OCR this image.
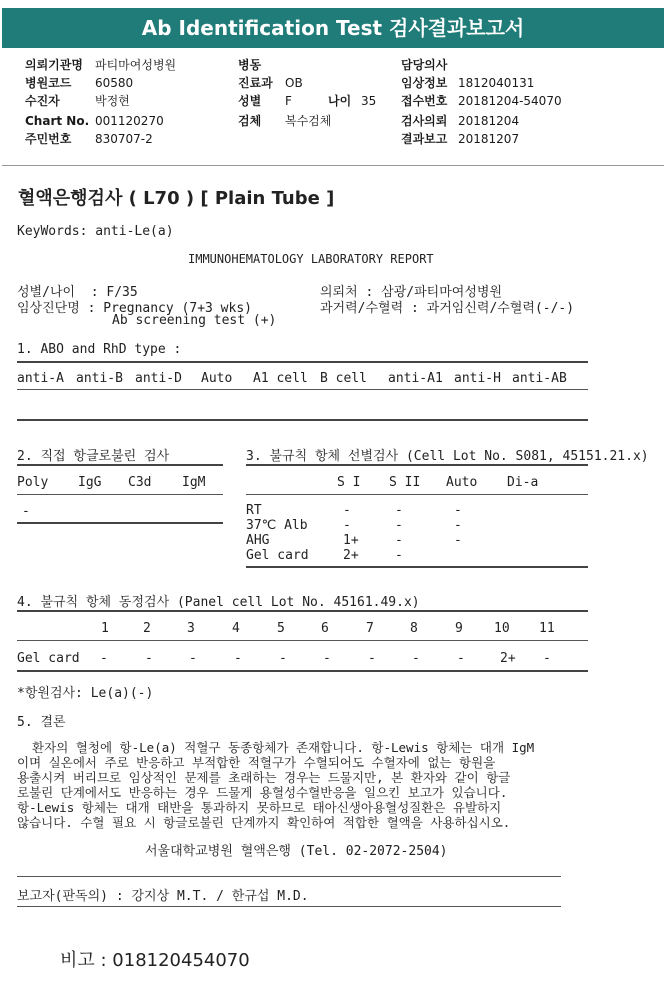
Ab Identification Test 검사결과보고서
의뢰기관명 파티마여성병원
병원코드 60580
수진자	박정현
Chart No. 001120270
주민번호 830707-2
병동
진료과 OB
성별 F
검체 복수검체
나이 35
담당의사
임상정보 1812040131
접수번호 20181204-54070
검사의뢰 20181204
결과보고 20181207
혈액은행검사 ( L70 ) [ Plain Tube ]
KeyWords: anti-Le(a)
IMMUNOHEMATOLOGY LABORATORY REPORT
성별/나이  : F/35
임상진단명 : Pregnancy (7+3 wks)
Ab screening test (+)
의뢰처 : 삼광/파티마여성병원
과거력/수혈력 : 과거임신력/수혈력(-/-)
1. ABO and RhD type :
anti-A anti-B anti-D Auto A1 cell B cell anti-A1 anti-H anti-AB
2. 직접 항글로불린 검사
Poly IgG C3d IgM
-
3. 불규칙 항체 선별검사 (Cell Lot No. S081, 45151.21.x)
S I S II Auto Di-a
RT	-	-	-
37℃ Alb	-	-	-
AHG	1+	-	-
Gel card	2+	-
4. 불규칙 항체 동정검사 (Panel cell Lot No. 45161.49.x)
1	2	3	4	5	6	7	8	9 10 11
Gel card -	-	-	-	-	-	-	-	-	2+ -
*항원검사: Le(a)(-)
5. 결론
환자의 혈청에 항-Le(a) 적혈구 동종항체가 존재합니다. 항-Lewis 항체는 대개 IgM
이며 실온에서 주로 반응하고 부적합한 적혈구가 수혈되어도 수혈자에 없는 항원을
용출시켜 버리므로 임상적인 문제를 초래하는 경우는 드물지만, 본 환자와 같이 항글
로불린 단계에서도 반응하는 경우 드물게 용혈성수혈반응을 일으킨 보고가 있습니다.
항-Lewis 항체는 대개 태반을 통과하지 못하므로 태아신생아용혈성질환은 유발하지
않습니다. 수혈 필요 시 항글로불린 단계까지 확인하여 적합한 혈액을 사용하십시오.
서울대학교병원 혈액은행 (Tel. 02-2072-2504)
보고자(판독의) : 강지상 M.T. / 한규섭 M.D.
비고 : 018120454070
